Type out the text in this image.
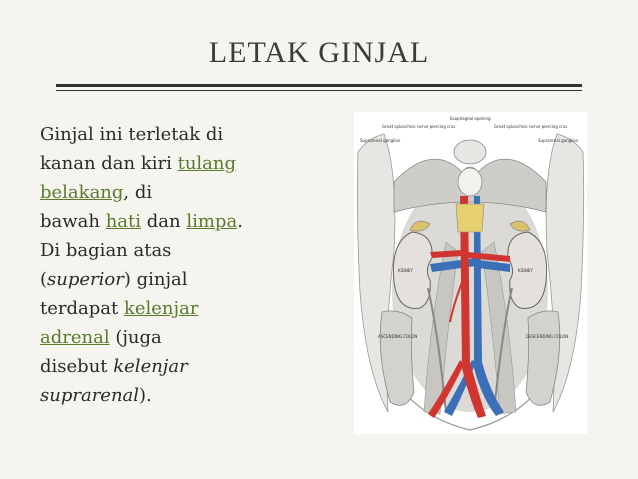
LETAK GINJAL
Ginjal ini terletak di
kanan dan kiri tulang
belakang, di
bawah hati dan limpa.
Di bagian atas
(superior) ginjal
terdapat kelenjar
adrenal (juga
disebut kelenjar
suprarenal).
Suprarenal ganglion
Great splanchnic nerve piercing crus
Esophageal opening
Great splanchnic nerve piercing crus
Suprarenal ganglion
KIDNEY	KIDNEY
ASCENDING COLON	DESCENDING COLON
